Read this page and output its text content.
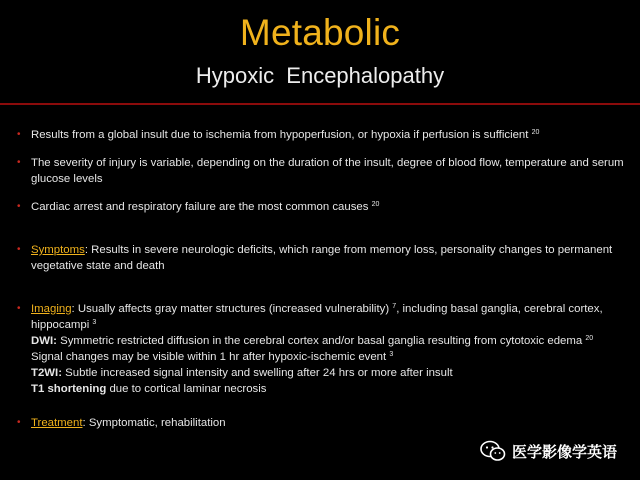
Metabolic
Hypoxic Encephalopathy
• Results from a global insult due to ischemia from hypoperfusion, or hypoxia if perfusion is sufficient $^{20}$
• The severity of injury is variable, depending on the duration of the insult, degree of blood flow, temperature and serum glucose levels
• Cardiac arrest and respiratory failure are the most common causes $^{20}$
• Symptoms: Results in severe neurologic deficits, which range from memory loss, personality changes to permanent vegetative state and death
• Imaging: Usually affects gray matter structures (increased vulnerability) $^7$, including basal ganglia, cerebral cortex, hippocampi $^3$
DWI: Symmetric restricted diffusion in the cerebral cortex and/or basal ganglia resulting from cytotoxic edema $^{20}$
Signal changes may be visible within 1 hr after hypoxic-ischemic event $^3$
T2WI: Subtle increased signal intensity and swelling after 24 hrs or more after insult
T1 shortening due to cortical laminar necrosis
• Treatment: Symptomatic, rehabilitation
医学影像学英语
